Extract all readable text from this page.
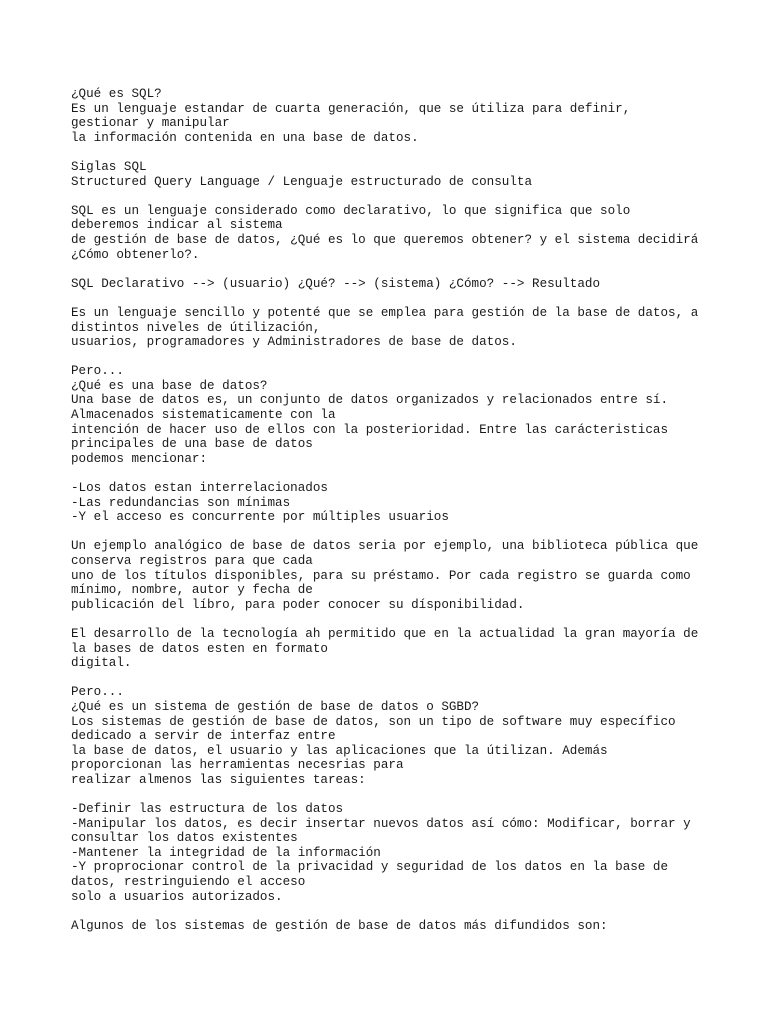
¿Qué es SQL?
Es un lenguaje estandar de cuarta generación, que se útiliza para definir,
gestionar y manipular
la información contenida en una base de datos.
Siglas SQL
Structured Query Language / Lenguaje estructurado de consulta
SQL es un lenguaje considerado como declarativo, lo que significa que solo
deberemos indicar al sistema
de gestión de base de datos, ¿Qué es lo que queremos obtener? y el sistema decidirá
¿Cómo obtenerlo?.
SQL Declarativo --> (usuario) ¿Qué? --> (sistema) ¿Cómo? --> Resultado
Es un lenguaje sencillo y potenté que se emplea para gestión de la base de datos, a
distintos niveles de útilización,
usuarios, programadores y Administradores de base de datos.
Pero...
¿Qué es una base de datos?
Una base de datos es, un conjunto de datos organizados y relacionados entre sí.
Almacenados sistematicamente con la
intención de hacer uso de ellos con la posterioridad. Entre las carácteristicas
principales de una base de datos
podemos mencionar:
-Los datos estan interrelacionados
-Las redundancias son mínimas
-Y el acceso es concurrente por múltiples usuarios
Un ejemplo analógico de base de datos seria por ejemplo, una biblioteca pública que
conserva registros para que cada
uno de los títulos disponibles, para su préstamo. Por cada registro se guarda como
mínimo, nombre, autor y fecha de
publicación del líbro, para poder conocer su dísponibilidad.
El desarrollo de la tecnología ah permitido que en la actualidad la gran mayoría de
la bases de datos esten en formato
digital.
Pero...
¿Qué es un sistema de gestión de base de datos o SGBD?
Los sistemas de gestión de base de datos, son un tipo de software muy específico
dedicado a servir de interfaz entre
la base de datos, el usuario y las aplicaciones que la útilizan. Además
proporcionan las herramientas necesrias para
realizar almenos las siguientes tareas:
-Definir las estructura de los datos
-Manipular los datos, es decir insertar nuevos datos así cómo: Modificar, borrar y
consultar los datos existentes
-Mantener la integridad de la información
-Y proprocionar control de la privacidad y seguridad de los datos en la base de
datos, restringuiendo el acceso
solo a usuarios autorizados.
Algunos de los sistemas de gestión de base de datos más difundidos son:
